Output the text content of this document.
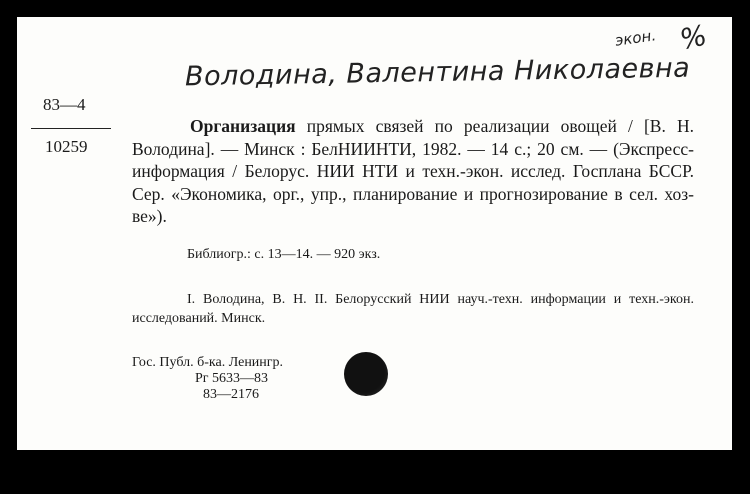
экон. %
Володина, Валентина Николаевна
83—4
10259
Организация прямых связей по реализации овощей / [В. Н. Володина]. — Минск : БелНИИНТИ, 1982. — 14 с.; 20 см. — (Экспресс-информация / Белорус. НИИ НТИ и техн.-экон. исслед. Госплана БССР. Сер. «Экономика, орг., упр., планирование и прогнозирование в сел. хоз-ве»).
Библиогр.: с. 13—14. — 920 экз.
I. Володина, В. Н. II. Белорусский НИИ науч.-техн. информации и техн.-экон. исследований. Минск.
Гос. Публ. б-ка. Ленингр.
Рг 5633—83
83—2176
